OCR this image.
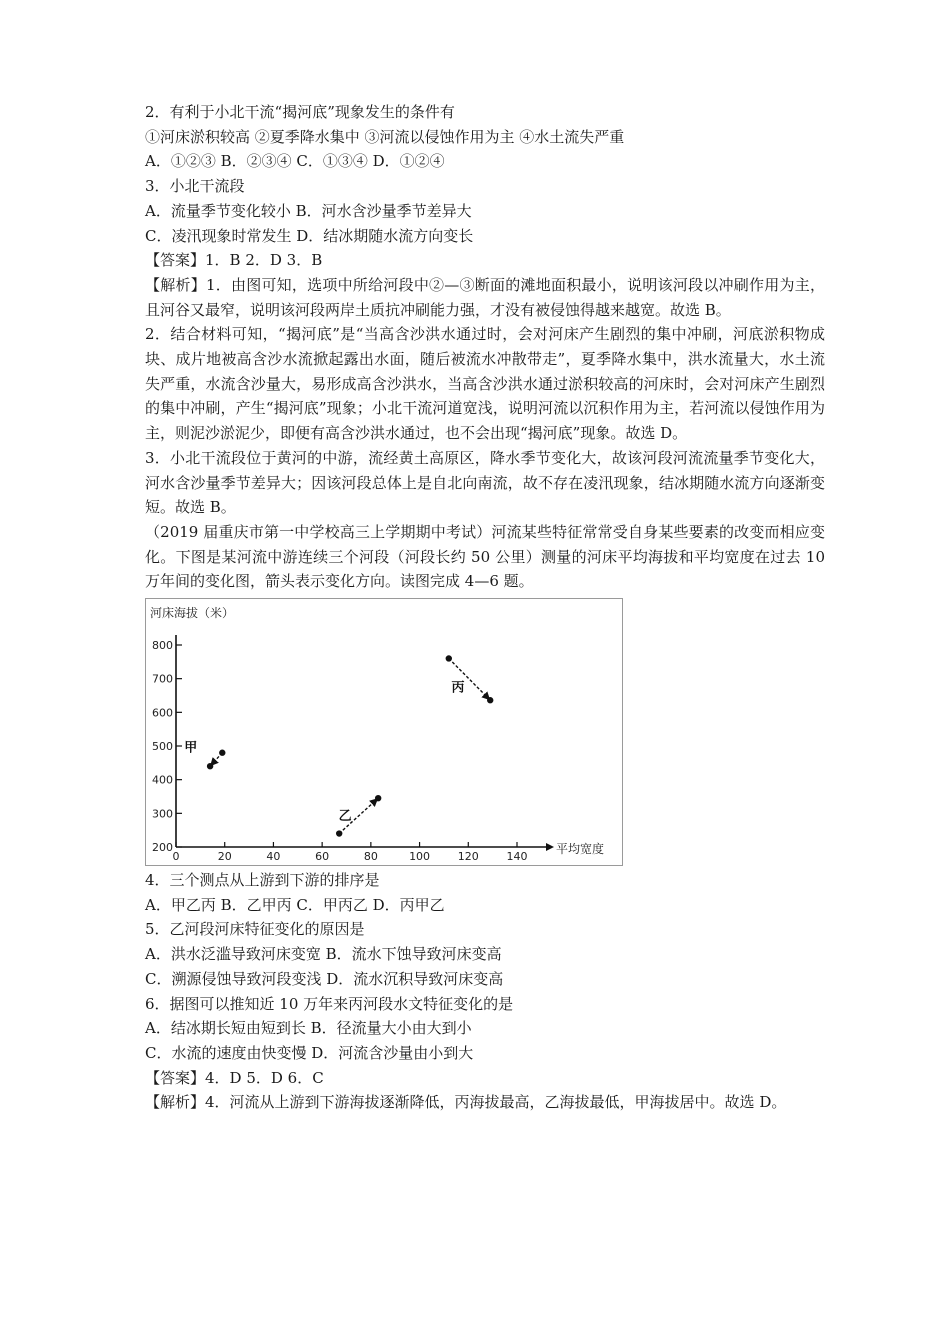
2．有利于小北干流“揭河底”现象发生的条件有

①河床淤积较高 ②夏季降水集中 ③河流以侵蚀作用为主 ④水土流失严重

A．①②③ B．②③④ C．①③④ D．①②④

3．小北干流段

A．流量季节变化较小 B．河水含沙量季节差异大

C．凌汛现象时常发生 D．结冰期随水流方向变长

【答案】1．B 2．D 3．B

【解析】1．由图可知，选项中所给河段中②—③断面的滩地面积最小，说明该河段以冲刷作用为主，且河谷又最窄，说明该河段两岸土质抗冲刷能力强，才没有被侵蚀得越来越宽。故选 B。

2．结合材料可知，“揭河底”是“当高含沙洪水通过时，会对河床产生剧烈的集中冲刷，河底淤积物成块、成片地被高含沙水流掀起露出水面，随后被流水冲散带走”，夏季降水集中，洪水流量大，水土流失严重，水流含沙量大，易形成高含沙洪水，当高含沙洪水通过淤积较高的河床时，会对河床产生剧烈的集中冲刷，产生“揭河底”现象；小北干流河道宽浅，说明河流以沉积作用为主，若河流以侵蚀作用为主，则泥沙淤泥少，即便有高含沙洪水通过，也不会出现“揭河底”现象。故选 D。

3．小北干流段位于黄河的中游，流经黄土高原区，降水季节变化大，故该河段河流流量季节变化大，河水含沙量季节差异大；因该河段总体上是自北向南流，故不存在凌汛现象，结冰期随水流方向逐渐变短。故选 B。

（2019 届重庆市第一中学校高三上学期期中考试）河流某些特征常常受自身某些要素的改变而相应变化。下图是某河流中游连续三个河段（河段长约 50 公里）测量的河床平均海拔和平均宽度在过去 10 万年间的变化图，箭头表示变化方向。读图完成 4—6 题。

0	20	40	60	80	100	120	140
200
300
400
500
600
700
800
甲
乙
丙
河床海拔（米）
平均宽度

4．三个测点从上游到下游的排序是

A．甲乙丙 B．乙甲丙 C．甲丙乙 D．丙甲乙

5．乙河段河床特征变化的原因是

A．洪水泛滥导致河床变宽 B．流水下蚀导致河床变高

C．溯源侵蚀导致河段变浅 D．流水沉积导致河床变高

6．据图可以推知近 10 万年来丙河段水文特征变化的是

A．结冰期长短由短到长 B．径流量大小由大到小

C．水流的速度由快变慢 D．河流含沙量由小到大

【答案】4．D 5．D 6．C

【解析】4．河流从上游到下游海拔逐渐降低，丙海拔最高，乙海拔最低，甲海拔居中。故选 D。
